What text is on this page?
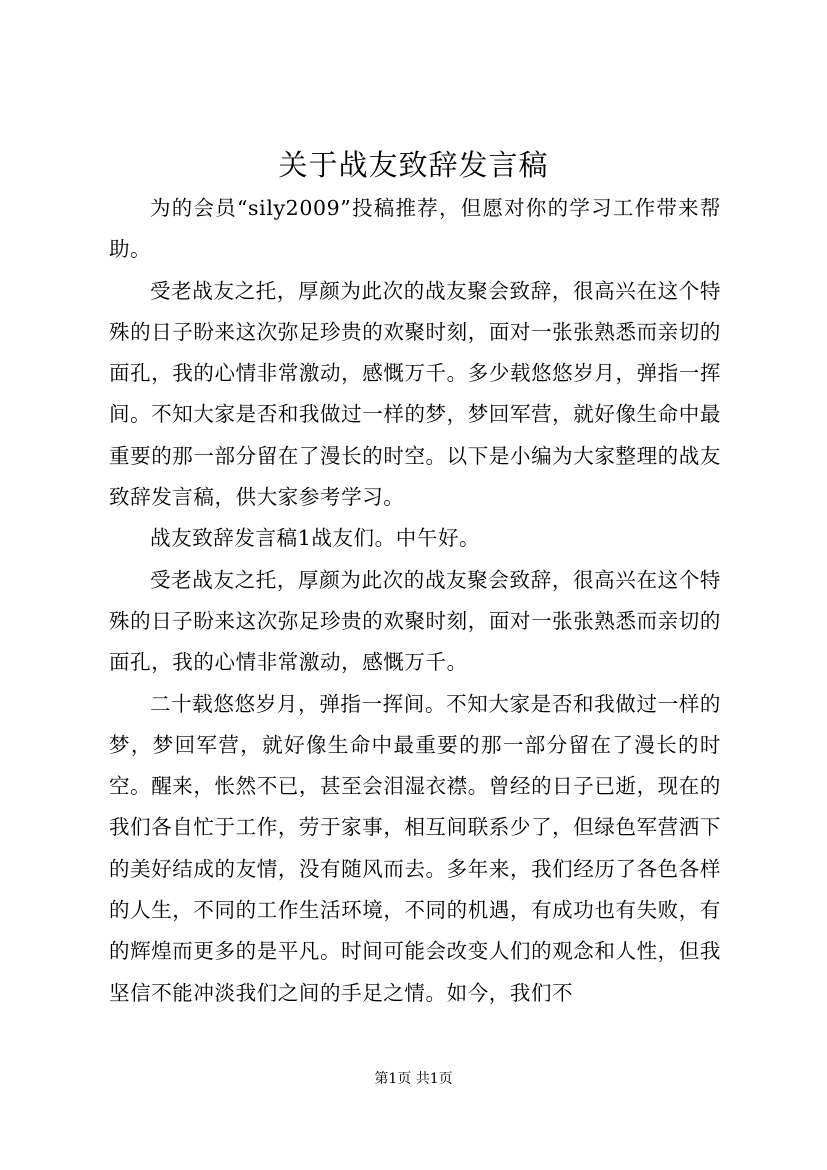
关于战友致辞发言稿

为的会员“sily2009”投稿推荐，但愿对你的学习工作带来帮助。

受老战友之托，厚颜为此次的战友聚会致辞，很高兴在这个特殊的日子盼来这次弥足珍贵的欢聚时刻，面对一张张熟悉而亲切的面孔，我的心情非常激动，感慨万千。多少载悠悠岁月，弹指一挥间。不知大家是否和我做过一样的梦，梦回军营，就好像生命中最重要的那一部分留在了漫长的时空。以下是小编为大家整理的战友致辞发言稿，供大家参考学习。

战友致辞发言稿1战友们。中午好。

受老战友之托，厚颜为此次的战友聚会致辞，很高兴在这个特殊的日子盼来这次弥足珍贵的欢聚时刻，面对一张张熟悉而亲切的面孔，我的心情非常激动，感慨万千。

二十载悠悠岁月，弹指一挥间。不知大家是否和我做过一样的梦，梦回军营，就好像生命中最重要的那一部分留在了漫长的时空。醒来，怅然不已，甚至会泪湿衣襟。曾经的日子已逝，现在的我们各自忙于工作，劳于家事，相互间联系少了，但绿色军营洒下的美好结成的友情，没有随风而去。多年来，我们经历了各色各样的人生，不同的工作生活环境，不同的机遇，有成功也有失败，有的辉煌而更多的是平凡。时间可能会改变人们的观念和人性，但我坚信不能冲淡我们之间的手足之情。如今，我们不

第1页 共1页
